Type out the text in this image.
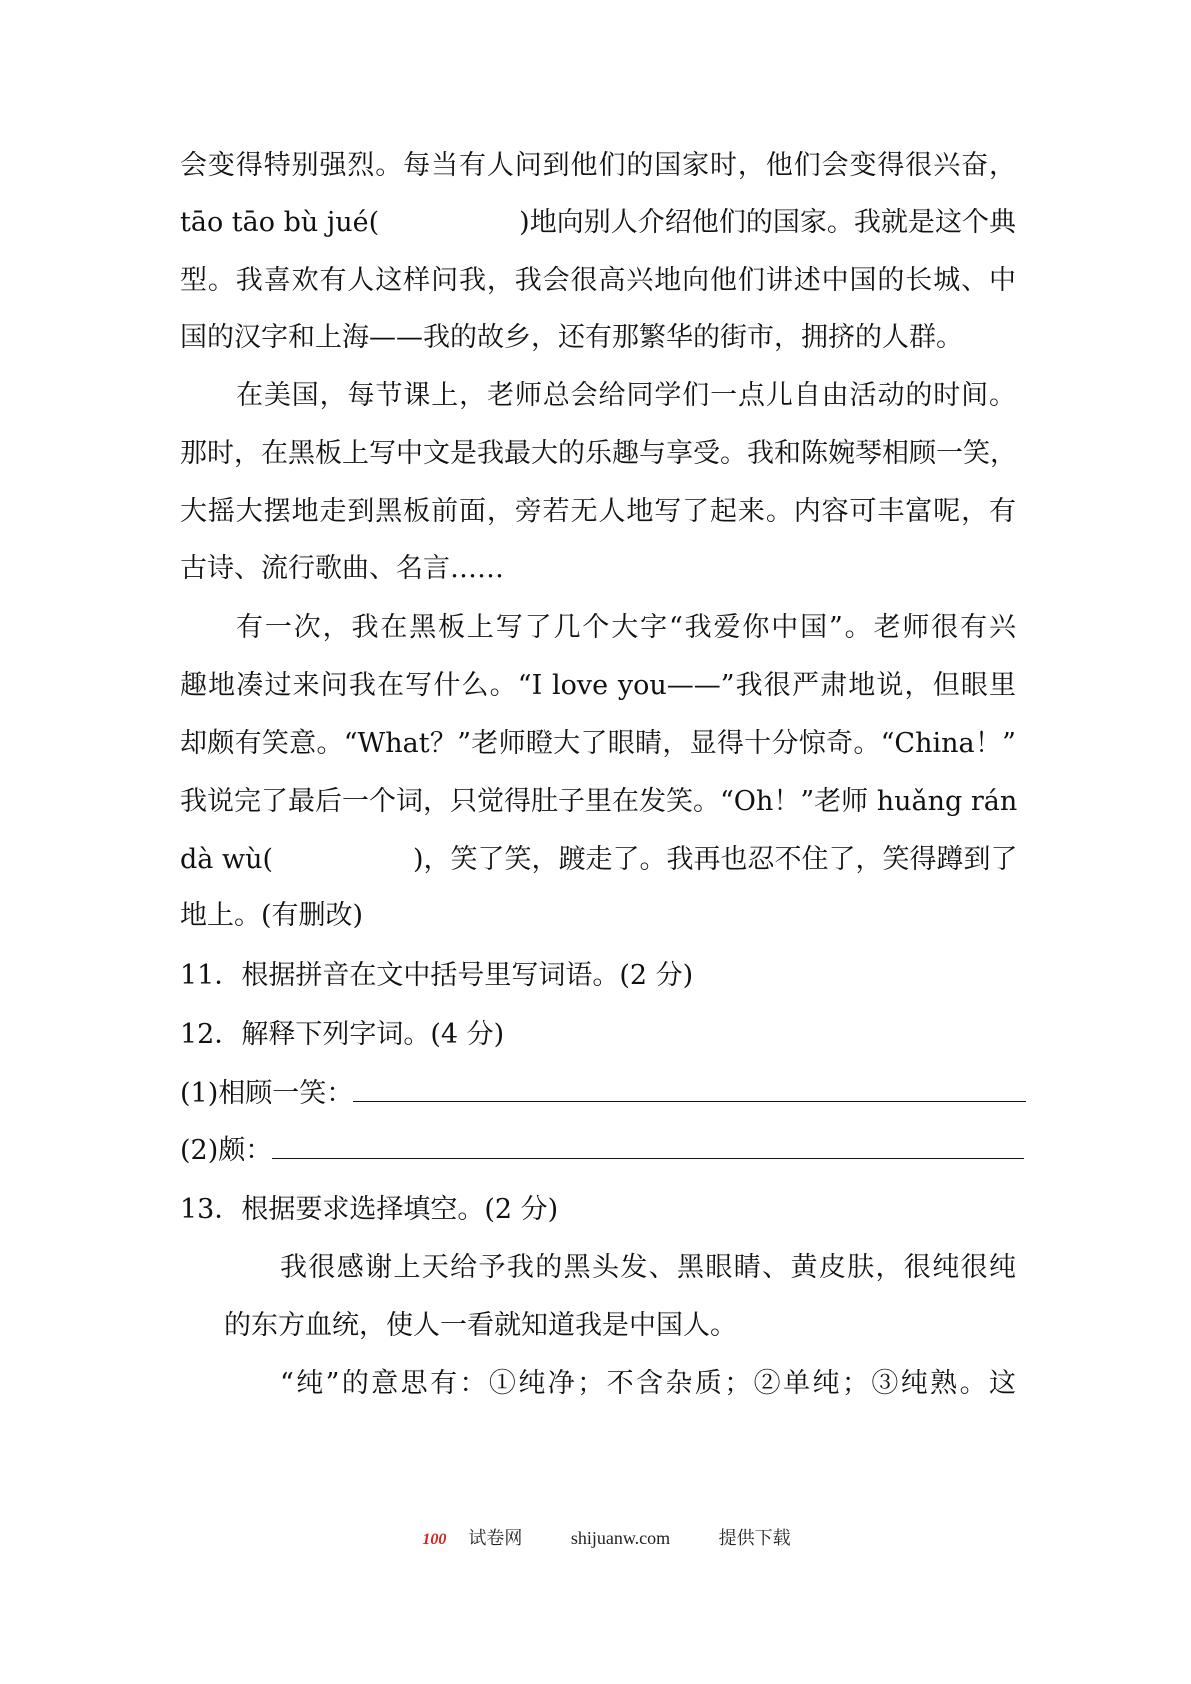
会变得特别强烈。每当有人问到他们的国家时，他们会变得很兴奋，
tāo tāo bù jué(	)地向别人介绍他们的国家。我就是这个典
型。我喜欢有人这样问我，我会很高兴地向他们讲述中国的长城、中
国的汉字和上海——我的故乡，还有那繁华的街市，拥挤的人群。
在美国，每节课上，老师总会给同学们一点儿自由活动的时间。
那时，在黑板上写中文是我最大的乐趣与享受。我和陈婉琴相顾一笑，
大摇大摆地走到黑板前面，旁若无人地写了起来。内容可丰富呢，有
古诗、流行歌曲、名言……
有一次，我在黑板上写了几个大字“我爱你中国”。老师很有兴
趣地凑过来问我在写什么。“I love you——”我很严肃地说，但眼里
却颇有笑意。“What？”老师瞪大了眼睛，显得十分惊奇。“China！”
我说完了最后一个词，只觉得肚子里在发笑。“Oh！”老师 huǎng rán
dà wù(	)，笑了笑，踱走了。我再也忍不住了，笑得蹲到了
地上。(有删改)
11．根据拼音在文中括号里写词语。(2 分)
12．解释下列字词。(4 分)
(1)相顾一笑：
(2)颇：
13．根据要求选择填空。(2 分)
我很感谢上天给予我的黑头发、黑眼睛、黄皮肤，很纯很纯
的东方血统，使人一看就知道我是中国人。
“纯”的意思有：①纯净；不含杂质；②单纯；③纯熟。这
100 试卷网	shijuanw.com	提供下载
